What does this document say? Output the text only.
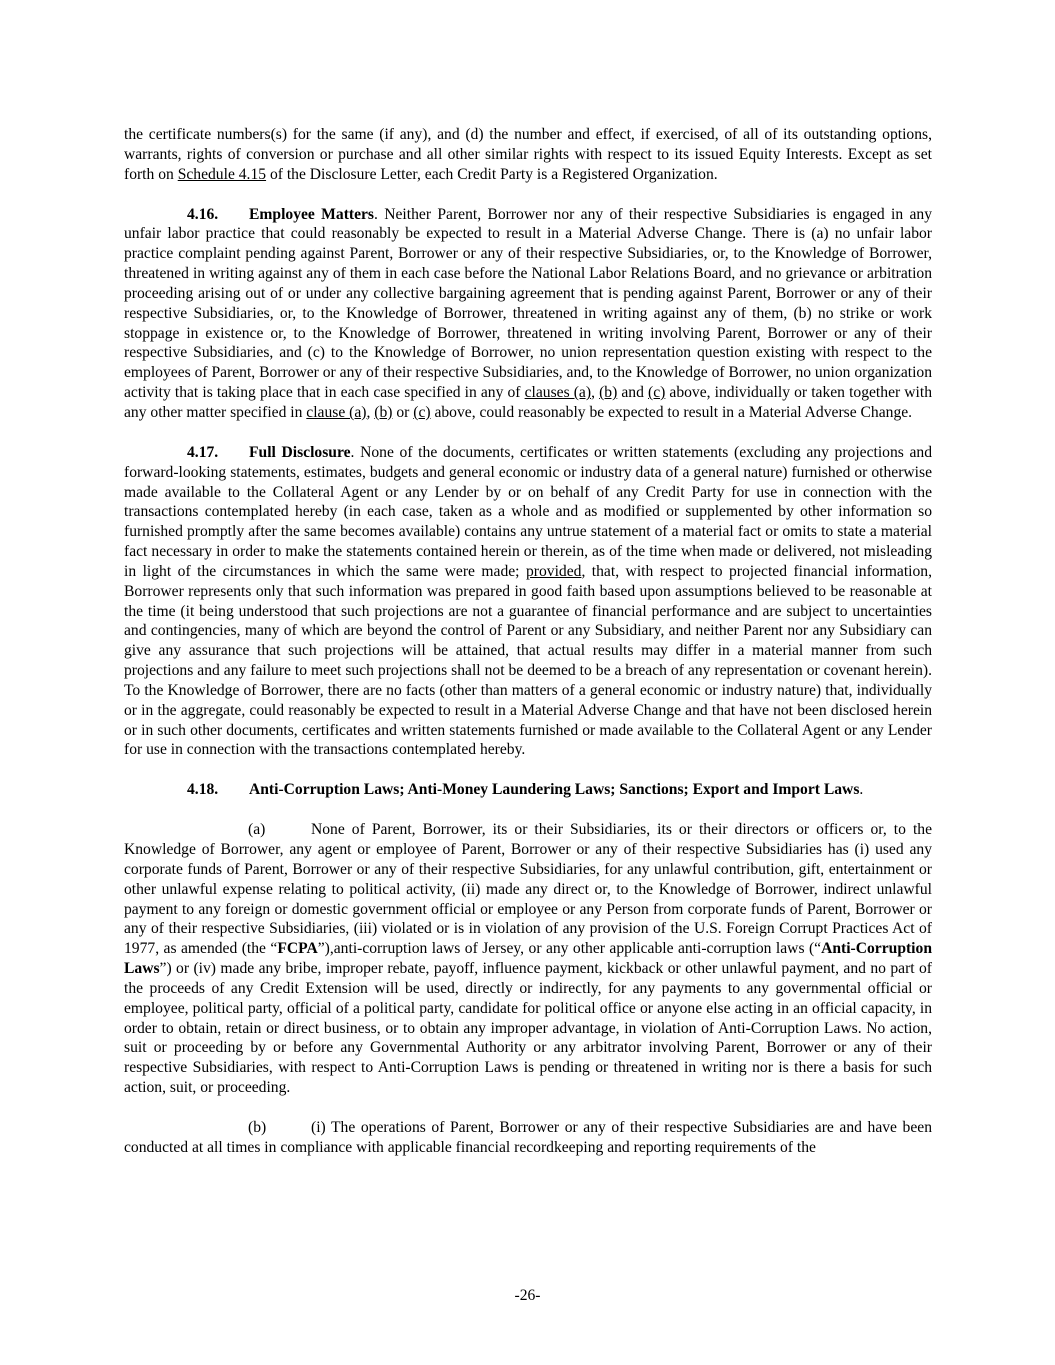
the certificate numbers(s) for the same (if any), and (d) the number and effect, if exercised, of all of its outstanding options, warrants, rights of conversion or purchase and all other similar rights with respect to its issued Equity Interests. Except as set forth on Schedule 4.15 of the Disclosure Letter, each Credit Party is a Registered Organization.

4.16. Employee Matters. Neither Parent, Borrower nor any of their respective Subsidiaries is engaged in any unfair labor practice that could reasonably be expected to result in a Material Adverse Change. There is (a) no unfair labor practice complaint pending against Parent, Borrower or any of their respective Subsidiaries, or, to the Knowledge of Borrower, threatened in writing against any of them in each case before the National Labor Relations Board, and no grievance or arbitration proceeding arising out of or under any collective bargaining agreement that is pending against Parent, Borrower or any of their respective Subsidiaries, or, to the Knowledge of Borrower, threatened in writing against any of them, (b) no strike or work stoppage in existence or, to the Knowledge of Borrower, threatened in writing involving Parent, Borrower or any of their respective Subsidiaries, and (c) to the Knowledge of Borrower, no union representation question existing with respect to the employees of Parent, Borrower or any of their respective Subsidiaries, and, to the Knowledge of Borrower, no union organization activity that is taking place that in each case specified in any of clauses (a), (b) and (c) above, individually or taken together with any other matter specified in clause (a), (b) or (c) above, could reasonably be expected to result in a Material Adverse Change.

4.17. Full Disclosure. None of the documents, certificates or written statements (excluding any projections and forward-looking statements, estimates, budgets and general economic or industry data of a general nature) furnished or otherwise made available to the Collateral Agent or any Lender by or on behalf of any Credit Party for use in connection with the transactions contemplated hereby (in each case, taken as a whole and as modified or supplemented by other information so furnished promptly after the same becomes available) contains any untrue statement of a material fact or omits to state a material fact necessary in order to make the statements contained herein or therein, as of the time when made or delivered, not misleading in light of the circumstances in which the same were made; provided, that, with respect to projected financial information, Borrower represents only that such information was prepared in good faith based upon assumptions believed to be reasonable at the time (it being understood that such projections are not a guarantee of financial performance and are subject to uncertainties and contingencies, many of which are beyond the control of Parent or any Subsidiary, and neither Parent nor any Subsidiary can give any assurance that such projections will be attained, that actual results may differ in a material manner from such projections and any failure to meet such projections shall not be deemed to be a breach of any representation or covenant herein). To the Knowledge of Borrower, there are no facts (other than matters of a general economic or industry nature) that, individually or in the aggregate, could reasonably be expected to result in a Material Adverse Change and that have not been disclosed herein or in such other documents, certificates and written statements furnished or made available to the Collateral Agent or any Lender for use in connection with the transactions contemplated hereby.

4.18. Anti-Corruption Laws; Anti-Money Laundering Laws; Sanctions; Export and Import Laws.

(a)	None of Parent, Borrower, its or their Subsidiaries, its or their directors or officers or, to the Knowledge of Borrower, any agent or employee of Parent, Borrower or any of their respective Subsidiaries has (i) used any corporate funds of Parent, Borrower or any of their respective Subsidiaries, for any unlawful contribution, gift, entertainment or other unlawful expense relating to political activity, (ii) made any direct or, to the Knowledge of Borrower, indirect unlawful payment to any foreign or domestic government official or employee or any Person from corporate funds of Parent, Borrower or any of their respective Subsidiaries, (iii) violated or is in violation of any provision of the U.S. Foreign Corrupt Practices Act of 1977, as amended (the “FCPA”),anti-corruption laws of Jersey, or any other applicable anti-corruption laws (“Anti-Corruption Laws”) or (iv) made any bribe, improper rebate, payoff, influence payment, kickback or other unlawful payment, and no part of the proceeds of any Credit Extension will be used, directly or indirectly, for any payments to any governmental official or employee, political party, official of a political party, candidate for political office or anyone else acting in an official capacity, in order to obtain, retain or direct business, or to obtain any improper advantage, in violation of Anti-Corruption Laws. No action, suit or proceeding by or before any Governmental Authority or any arbitrator involving Parent, Borrower or any of their respective Subsidiaries, with respect to Anti-Corruption Laws is pending or threatened in writing nor is there a basis for such action, suit, or proceeding.

(b)	(i) The operations of Parent, Borrower or any of their respective Subsidiaries are and have been conducted at all times in compliance with applicable financial recordkeeping and reporting requirements of the

-26-
